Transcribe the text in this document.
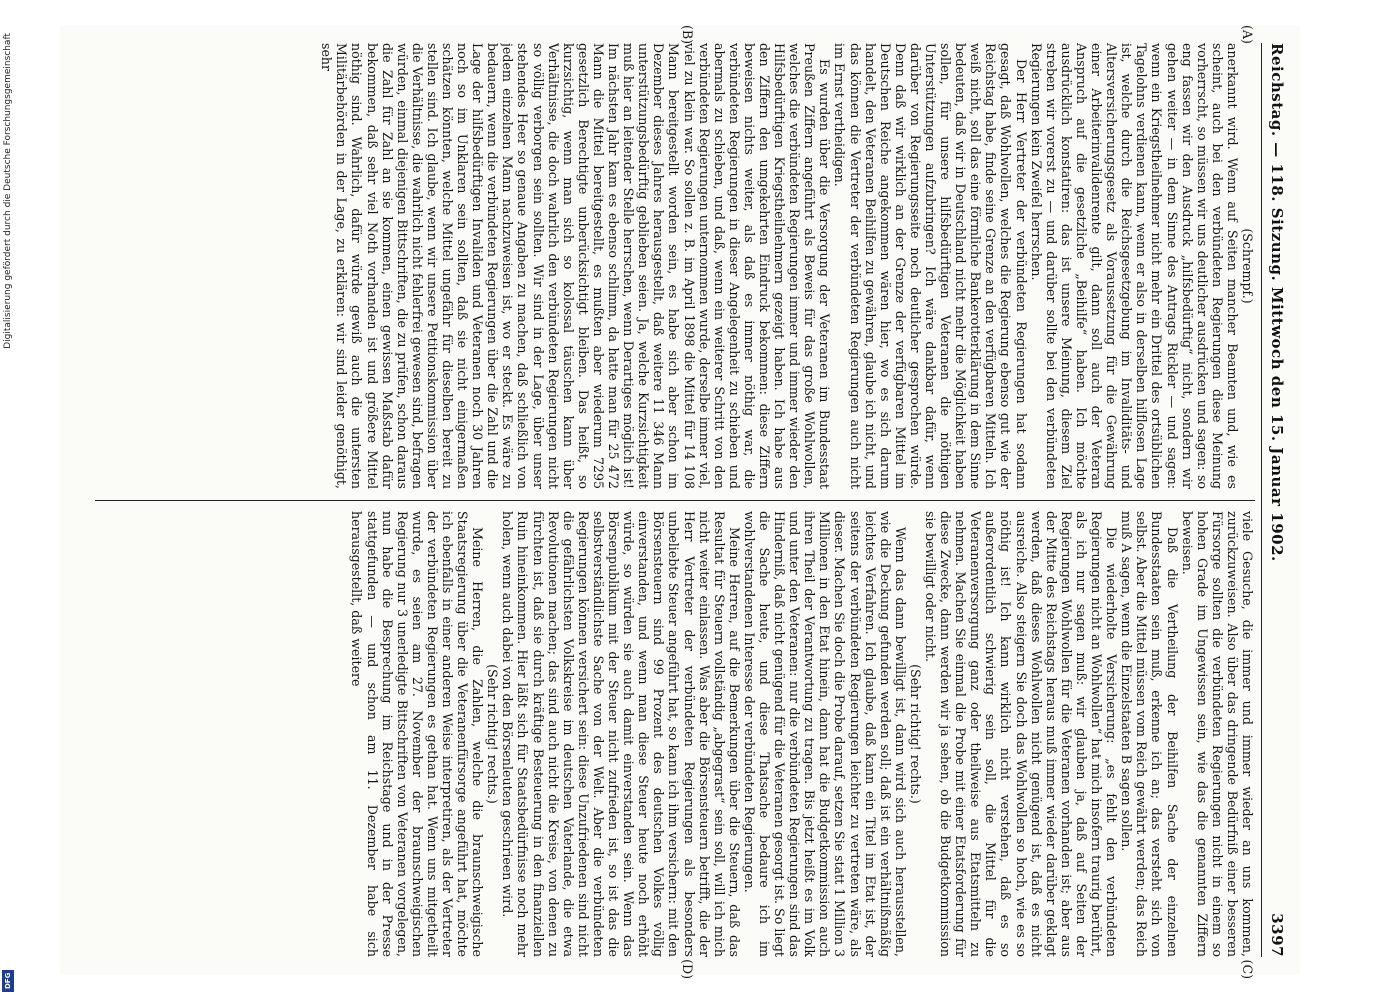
Reichstag. — 118. Sitzung. Mittwoch den 15. Januar 1902.
3397
(A)
(B)
(C)
(D)

(Schrempf.)

anerkannt wird. Wenn auf Seiten mancher Beamten und, wie es scheint, auch bei den verbündeten Regierungen diese Meinung vorherrscht, so müssen wir uns deutlicher ausdrücken und sagen: so eng fassen wir den Ausdruck „hilfsbedürftig“ nicht, sondern wir gehen weiter — in dem Sinne des Antrags Rickler — und sagen: wenn ein Kriegstheilnehmer nicht mehr ein Drittel des ortsüblichen Tagelohns verdienen kann, wenn er also in derselben hilflosen Lage ist, welche durch die Reichsgesetzgebung im Invaliditäts- und Altersversicherungsgesetz als Voraussetzung für die Gewährung einer Arbeiterinvalidenrente gilt, dann soll auch der Veteran Anspruch auf die gesetzliche „Beihilfe“ haben. Ich möchte ausdrücklich konstatiren: das ist unsere Meinung, diesem Ziel streben wir vorerst zu — und darüber sollte bei den verbündeten Regierungen kein Zweifel herrschen.

Der Herr Vertreter der verbündeten Regierungen hat sodann gesagt, daß Wohlwollen, welches die Regierung ebenso gut wie der Reichstag habe, finde seine Grenze an den verfügbaren Mitteln. Ich weiß nicht, soll das eine förmliche Bankerotterklärung in dem Sinne bedeuten, daß wir in Deutschland nicht mehr die Möglichkeit haben sollen, für unsere hilfsbedürftigen Veteranen die nöthigen Unterstützungen aufzubringen? Ich wäre dankbar dafür, wenn darüber von Regierungsseite noch deutlicher gesprochen würde. Denn daß wir wirklich an der Grenze der verfügbaren Mittel im Deutschen Reiche angekommen wären hier, wo es sich darum handelt, den Veteranen Beihilfen zu gewähren, glaube ich nicht, und das können die Vertreter der verbündeten Regierungen auch nicht im Ernst vertheidigen.

Es wurden über die Versorgung der Veteranen im Bundesstaat Preußen Ziffern angeführt als Beweis für das große Wohlwollen, welches die verbündeten Regierungen immer und immer wieder den Hilfsbedürftigen Kriegstheilnehmern gezeigt haben. Ich habe aus den Ziffern den umgekehrten Eindruck bekommen: diese Ziffern beweisen nichts weiter, als daß es immer nöthig war, die verbündeten Regierungen in dieser Angelegenheit zu schieben und abermals zu schieben, und daß, wenn ein weiterer Schritt von den verbündeten Regierungen unternommen wurde, derselbe immer viel, viel zu klein war. So sollen z. B. im April 1898 die Mittel für 14 108 Mann bereitgestellt worden sein, es habe sich aber schon im Dezember dieses Jahres herausgestellt, daß weitere 11 346 Mann unterstützungsbedürftig geblieben seien. Ja, welche Kurzsichtigkeit muß hier an leitender Stelle herrschen, wenn Derartiges möglich ist! Im nächsten Jahr kam es ebenso schlimm, da hatte man für 25 472 Mann die Mittel bereitgestellt, es mußten aber wiederum 7295 gesetzlich Berechtigte unberücksichtigt bleiben. Das heißt, so kurzsichtig, wenn man sich so kolossal täuschen kann über Verhältnisse, die doch wahrlich den verbündeten Regierungen nicht so völlig verborgen sein sollten. Wir sind in der Lage, über unser stehendes Heer so genaue Angaben zu machen, daß schließlich von jedem einzelnen Mann nachzuweisen ist, wo er steckt. Es wäre zu bedauern, wenn die verbündeten Regierungen über die Zahl und die Lage der hilfsbedürftigen Invaliden und Veteranen noch 30 Jahren noch so im Unklaren sein sollten, daß sie nicht einigermaßen schätzen könnten, welche Mittel ungefähr für dieselben bereit zu stellen sind. Ich glaube, wenn wir unsere Petitionskommission über die Verhältnisse, die wahrlich nicht fehlerfrei gewesen sind, befragen würden, einmal diejenigen Bittschriften, die zu prüfen, schon daraus die Zahl für Zahl an sie kommen, einen gewissen Maßstab dafür bekommen, daß sehr viel Noth vorhanden ist und größere Mittel nöthig sind. Wahrlich, dafür würde gewiß auch die untersten Militärbehörden in der Lage, zu erklären: wir sind leider genöthigt, sehr

viele Gesuche, die immer und immer wieder an uns kommen, zurückzuweisen. Also über das dringende Bedürfniß einer besseren Fürsorge sollten die verbündeten Regierungen nicht in einem so hohen Grade im Ungewissen sein, wie das die genannten Ziffern beweisen.

Daß die Vertheilung der Beihilfen Sache der einzelnen Bundesstaaten sein muß, erkenne ich an; das versteht sich von selbst. Aber die Mittel müssen vom Reich gewährt werden; das Reich muß A sagen, wenn die Einzelstaaten B sagen sollen.

Die wiederholte Versicherung: „es fehlt den verbündeten Regierungen nicht an Wohlwollen“ hat mich insofern traurig berührt, als ich nur sagen muß: wir glauben ja, daß auf Seiten der Regierungen Wohlwollen für die Veteranen vorhanden ist; aber aus der Mitte des Reichstags heraus muß immer wieder darüber geklagt werden, daß dieses Wohlwollen nicht genügend ist, daß es nicht ausreiche. Also steigern Sie doch das Wohlwollen so hoch, wie es so nöthig ist! Ich kann wirklich nicht verstehen, daß es so außerordentlich schwierig sein soll, die Mittel für die Veteranenversorgung ganz oder theilweise aus Etatsmitteln zu nehmen. Machen Sie einmal die Probe mit einer Etatsforderung für diese Zwecke, dann werden wir ja sehen, ob die Budgetkommission sie bewilligt oder nicht.

(Sehr richtig! rechts.)

Wenn das dann bewilligt ist, dann wird sich auch herausstellen, wie die Deckung gefunden werden soll; daß ist ein verhältnißmäßig leichtes Verfahren. Ich glaube, daß kann ein Titel im Etat ist, der seitens der verbündeten Regierungen leichter zu vertreten wäre, als dieser. Machen Sie doch die Probe darauf, setzen Sie statt 1 Million 3 Millionen in den Etat hinein, dann hat die Budgetkommission auch ihren Theil der Verantwortung zu tragen. Bis jetzt heißt es im Volk und unter den Veteranen: nur die verbündeten Regierungen sind das Hinderniß, daß nicht genügend für die Veteranen gesorgt ist. So liegt die Sache heute, und diese Thatsache bedaure ich im wohlverstandenen Interesse der verbündeten Regierungen.

Meine Herren, auf die Bemerkungen über die Steuern, daß das Resultat für Steuern vollständig „abgegrast“ sein soll, will ich mich nicht weiter einlassen. Was aber die Börsensteuern betrifft, die der Herr Vertreter der verbündeten Regierungen als besonders unbeliebte Steuer angeführt hat, so kann ich ihm versichern: mit den Börsensteuern sind 99 Prozent des deutschen Volkes völlig einverstanden, und wenn man diese Steuer heute noch erhöht würde, so würden sie auch damit einverstanden sein. Wenn das Börsenpublikum mit der Steuer nicht zufrieden ist, so ist das die selbstverständlichste Sache von der Welt. Aber die verbündeten Regierungen können versichert sein: diese Unzufriedenen sind nicht die gefährlichsten Volkskreise im deutschen Vaterlande, die etwa Revolutionen machen; das sind auch nicht die Kreise, von denen zu fürchten ist, daß sie durch kräftige Besteuerung in den finanziellen Ruin hineinkommen. Hier läßt sich für Staatsbedürfnisse noch mehr holen, wenn auch dabei von den Börsenleuten geschrieen wird.

(Sehr richtig! rechts.)

Meine Herren, die Zahlen, welche die braunschweigische Staatsregierung über die Veteranenfürsorge angeführt hat, möchte ich ebenfalls in einer anderen Weise interpretiren, als der Vertreter der verbündeten Regierungen es gethan hat. Wenn uns mitgetheilt wurde, es seien am 27. November der braunschweigischen Regierung nur 3 unerledigte Bittschriften von Veteranen vorgelegen, nun habe die Besprechung im Reichstage und in der Presse stattgefunden — und schon am 11. Dezember habe sich herausgestellt, daß weitere

Digitalisierung gefördert durch die Deutsche Forschungsgemeinschaft
DFG
